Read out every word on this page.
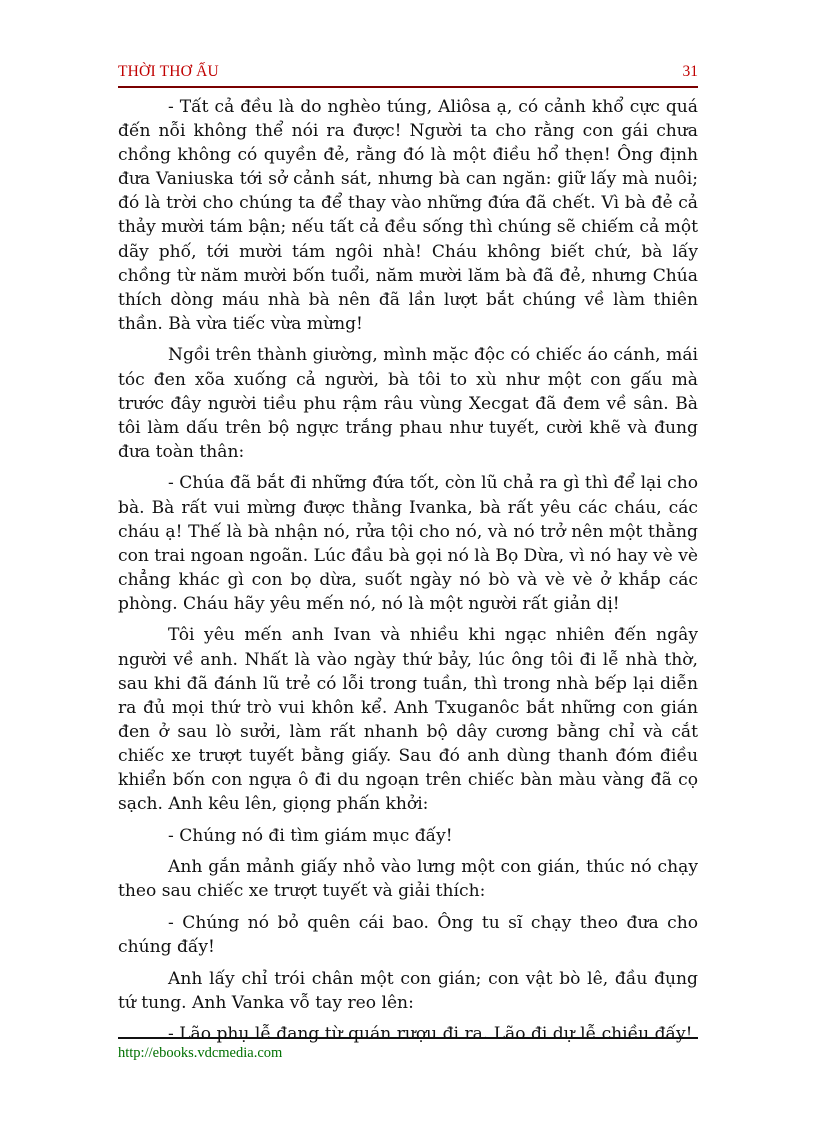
THỜI THƠ ẤU	31

- Tất cả đều là do nghèo túng, Aliôsa ạ, có cảnh khổ cực quá đến nỗi không thể nói ra được! Người ta cho rằng con gái chưa chồng không có quyền đẻ, rằng đó là một điều hổ thẹn! Ông định đưa Vaniuska tới sở cảnh sát, nhưng bà can ngăn: giữ lấy mà nuôi; đó là trời cho chúng ta để thay vào những đứa đã chết. Vì bà đẻ cả thảy mười tám bận; nếu tất cả đều sống thì chúng sẽ chiếm cả một dãy phố, tới mười tám ngôi nhà! Cháu không biết chứ, bà lấy chồng từ năm mười bốn tuổi, năm mười lăm bà đã đẻ, nhưng Chúa thích dòng máu nhà bà nên đã lần lượt bắt chúng về làm thiên thần. Bà vừa tiếc vừa mừng!

Ngồi trên thành giường, mình mặc độc có chiếc áo cánh, mái tóc đen xõa xuống cả người, bà tôi to xù như một con gấu mà trước đây người tiều phu rậm râu vùng Xecgat đã đem về sân. Bà tôi làm dấu trên bộ ngực trắng phau như tuyết, cười khẽ và đung đưa toàn thân:

- Chúa đã bắt đi những đứa tốt, còn lũ chả ra gì thì để lại cho bà. Bà rất vui mừng được thằng Ivanka, bà rất yêu các cháu, các cháu ạ! Thế là bà nhận nó, rửa tội cho nó, và nó trở nên một thằng con trai ngoan ngoãn. Lúc đầu bà gọi nó là Bọ Dừa, vì nó hay vè vè chẳng khác gì con bọ dừa, suốt ngày nó bò và vè vè ở khắp các phòng. Cháu hãy yêu mến nó, nó là một người rất giản dị!

Tôi yêu mến anh Ivan và nhiều khi ngạc nhiên đến ngây người về anh. Nhất là vào ngày thứ bảy, lúc ông tôi đi lễ nhà thờ, sau khi đã đánh lũ trẻ có lỗi trong tuần, thì trong nhà bếp lại diễn ra đủ mọi thứ trò vui khôn kể. Anh Txuganôc bắt những con gián đen ở sau lò sưởi, làm rất nhanh bộ dây cương bằng chỉ và cắt chiếc xe trượt tuyết bằng giấy. Sau đó anh dùng thanh đóm điều khiển bốn con ngựa ô đi du ngoạn trên chiếc bàn màu vàng đã cọ sạch. Anh kêu lên, giọng phấn khởi:

- Chúng nó đi tìm giám mục đấy!

Anh gắn mảnh giấy nhỏ vào lưng một con gián, thúc nó chạy theo sau chiếc xe trượt tuyết và giải thích:

- Chúng nó bỏ quên cái bao. Ông tu sĩ chạy theo đưa cho chúng đấy!

Anh lấy chỉ trói chân một con gián; con vật bò lê, đầu đụng tứ tung. Anh Vanka vỗ tay reo lên:

- Lão phụ lễ đang từ quán rượu đi ra. Lão đi dự lễ chiều đấy!

http://ebooks.vdcmedia.com
